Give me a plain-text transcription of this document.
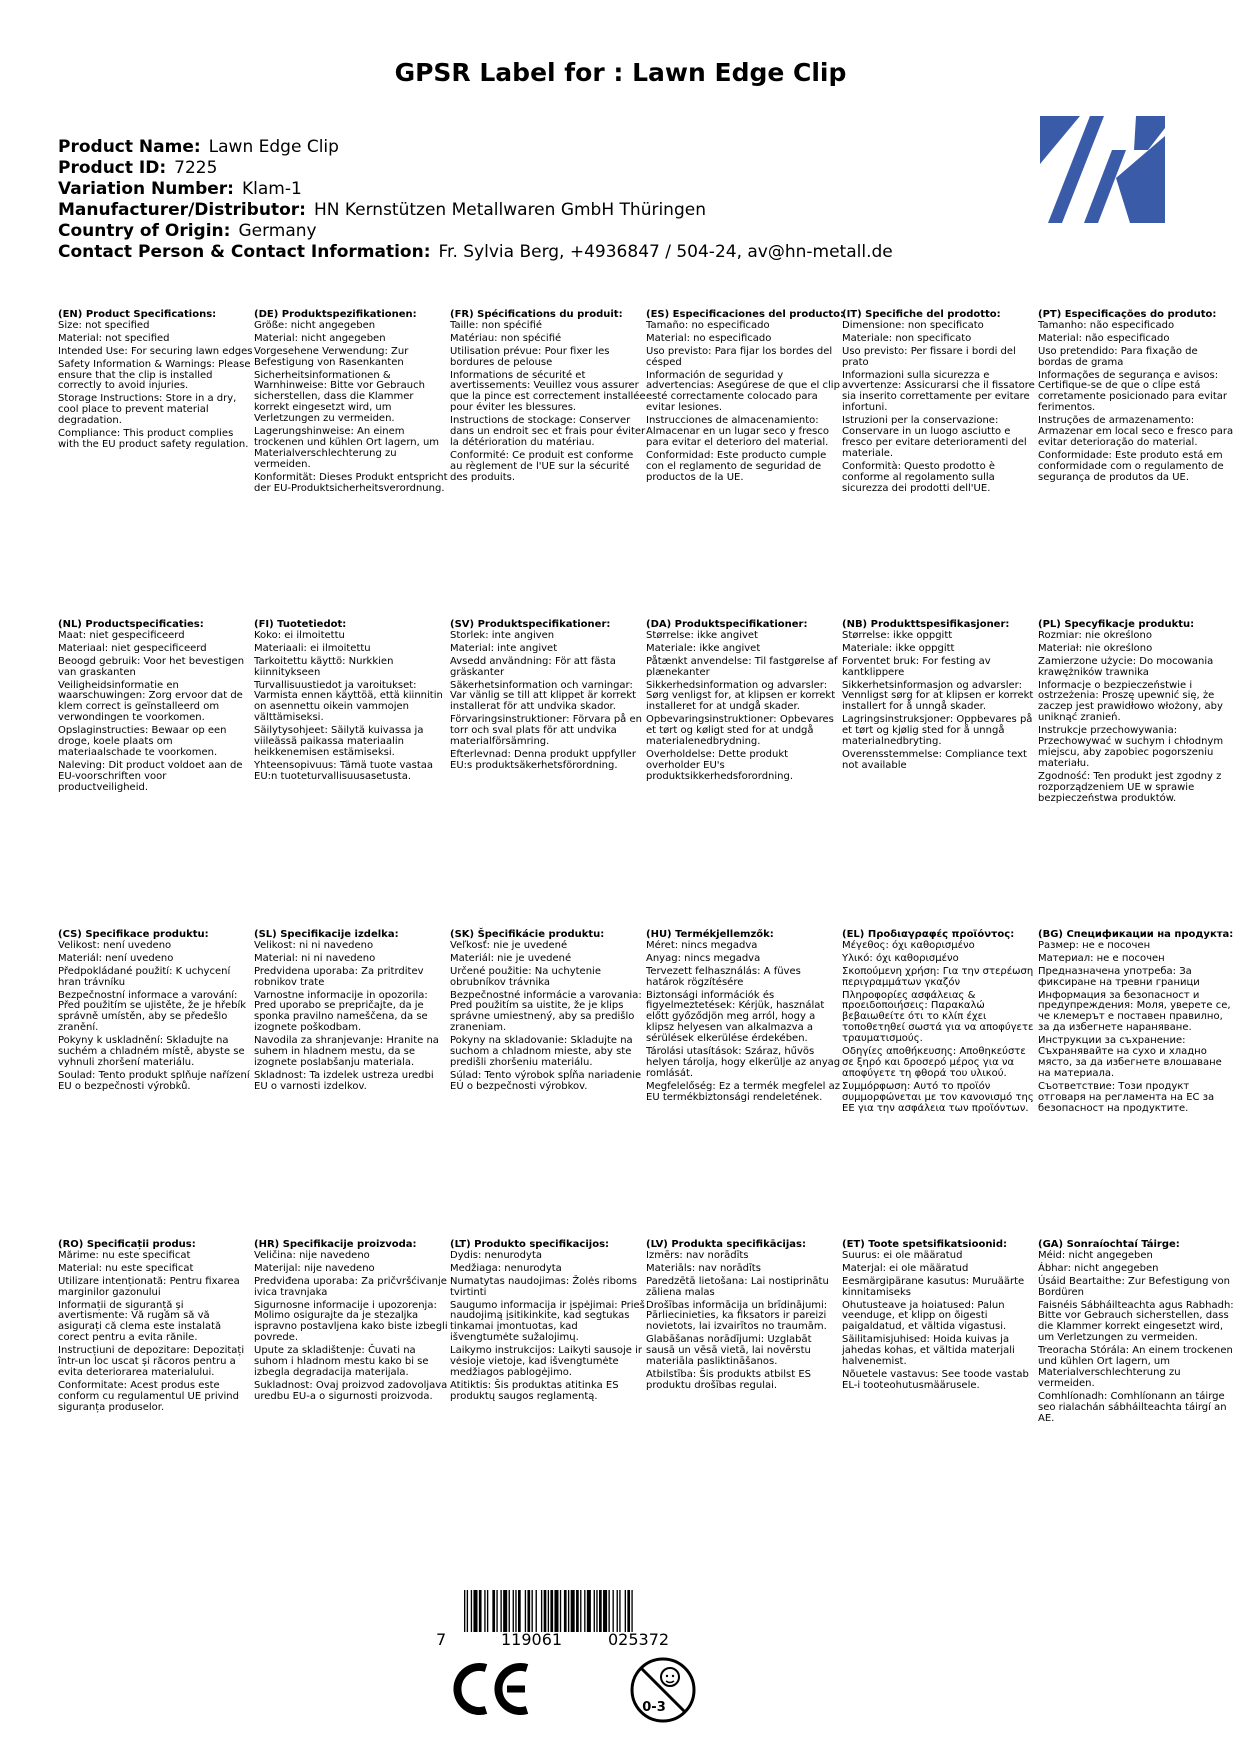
GPSR Label for : Lawn Edge Clip
Product Name: Lawn Edge Clip
Product ID: 7225
Variation Number: Klam-1
Manufacturer/Distributor: HN Kernstützen Metallwaren GmbH Thüringen
Country of Origin: Germany
Contact Person & Contact Information: Fr. Sylvia Berg, +4936847 / 504-24, av@hn-metall.de
(EN) Product Specifications:

Size: not specified

Material: not specified

Intended Use: For securing lawn edges

Safety Information & Warnings: Please ensure that the clip is installed correctly to avoid injuries.

Storage Instructions: Store in a dry, cool place to prevent material degradation.

Compliance: This product complies with the EU product safety regulation.

(DE) Produktspezifikationen:

Größe: nicht angegeben

Material: nicht angegeben

Vorgesehene Verwendung: Zur Befestigung von Rasenkanten

Sicherheitsinformationen & Warnhinweise: Bitte vor Gebrauch sicherstellen, dass die Klammer korrekt eingesetzt wird, um Verletzungen zu vermeiden.

Lagerungshinweise: An einem trockenen und kühlen Ort lagern, um Materialverschlechterung zu vermeiden.

Konformität: Dieses Produkt entspricht der EU-Produktsicherheitsverordnung.

(FR) Spécifications du produit:

Taille: non spécifié

Matériau: non spécifié

Utilisation prévue: Pour fixer les bordures de pelouse

Informations de sécurité et avertissements: Veuillez vous assurer que la pince est correctement installée pour éviter les blessures.

Instructions de stockage: Conserver dans un endroit sec et frais pour éviter la détérioration du matériau.

Conformité: Ce produit est conforme au règlement de l'UE sur la sécurité des produits.

(ES) Especificaciones del producto:

Tamaño: no especificado

Material: no especificado

Uso previsto: Para fijar los bordes del césped

Información de seguridad y advertencias: Asegúrese de que el clip esté correctamente colocado para evitar lesiones.

Instrucciones de almacenamiento: Almacenar en un lugar seco y fresco para evitar el deterioro del material.

Conformidad: Este producto cumple con el reglamento de seguridad de productos de la UE.

(IT) Specifiche del prodotto:

Dimensione: non specificato

Materiale: non specificato

Uso previsto: Per fissare i bordi del prato

Informazioni sulla sicurezza e avvertenze: Assicurarsi che il fissatore sia inserito correttamente per evitare infortuni.

Istruzioni per la conservazione: Conservare in un luogo asciutto e fresco per evitare deterioramenti del materiale.

Conformità: Questo prodotto è conforme al regolamento sulla sicurezza dei prodotti dell'UE.

(PT) Especificações do produto:

Tamanho: não especificado

Material: não especificado

Uso pretendido: Para fixação de bordas de grama

Informações de segurança e avisos: Certifique-se de que o clipe está corretamente posicionado para evitar ferimentos.

Instruções de armazenamento: Armazenar em local seco e fresco para evitar deterioração do material.

Conformidade: Este produto está em conformidade com o regulamento de segurança de produtos da UE.

(NL) Productspecificaties:

Maat: niet gespecificeerd

Materiaal: niet gespecificeerd

Beoogd gebruik: Voor het bevestigen van graskanten

Veiligheidsinformatie en waarschuwingen: Zorg ervoor dat de klem correct is geïnstalleerd om verwondingen te voorkomen.

Opslaginstructies: Bewaar op een droge, koele plaats om materiaalschade te voorkomen.

Naleving: Dit product voldoet aan de EU-voorschriften voor productveiligheid.

(FI) Tuotetiedot:

Koko: ei ilmoitettu

Materiaali: ei ilmoitettu

Tarkoitettu käyttö: Nurkkien kiinnitykseen

Turvallisuustiedot ja varoitukset: Varmista ennen käyttöä, että kiinnitin on asennettu oikein vammojen välttämiseksi.

Säilytysohjeet: Säilytä kuivassa ja viileässä paikassa materiaalin heikkenemisen estämiseksi.

Yhteensopivuus: Tämä tuote vastaa EU:n tuoteturvallisuusasetusta.

(SV) Produktspecifikationer:

Storlek: inte angiven

Material: inte angivet

Avsedd användning: För att fästa gräskanter

Säkerhetsinformation och varningar: Var vänlig se till att klippet är korrekt installerat för att undvika skador.

Förvaringsinstruktioner: Förvara på en torr och sval plats för att undvika materialförsämring.

Efterlevnad: Denna produkt uppfyller EU:s produktsäkerhetsförordning.

(DA) Produktspecifikationer:

Størrelse: ikke angivet

Materiale: ikke angivet

Påtænkt anvendelse: Til fastgørelse af plænekanter

Sikkerhedsinformation og advarsler: Sørg venligst for, at klipsen er korrekt installeret for at undgå skader.

Opbevaringsinstruktioner: Opbevares et tørt og køligt sted for at undgå materialenedbrydning.

Overholdelse: Dette produkt overholder EU's produktsikkerhedsforordning.

(NB) Produkttspesifikasjoner:

Størrelse: ikke oppgitt

Materiale: ikke oppgitt

Forventet bruk: For festing av kantklippere

Sikkerhetsinformasjon og advarsler: Vennligst sørg for at klipsen er korrekt installert for å unngå skader.

Lagringsinstruksjoner: Oppbevares på et tørt og kjølig sted for å unngå materialnedbryting.

Overensstemmelse: Compliance text not available

(PL) Specyfikacje produktu:

Rozmiar: nie określono

Materiał: nie określono

Zamierzone użycie: Do mocowania krawężników trawnika

Informacje o bezpieczeństwie i ostrzeżenia: Proszę upewnić się, że zaczep jest prawidłowo włożony, aby uniknąć zranień.

Instrukcje przechowywania: Przechowywać w suchym i chłodnym miejscu, aby zapobiec pogorszeniu materiału.

Zgodność: Ten produkt jest zgodny z rozporządzeniem UE w sprawie bezpieczeństwa produktów.

(CS) Specifikace produktu:

Velikost: není uvedeno

Materiál: není uvedeno

Předpokládané použití: K uchycení hran trávníku

Bezpečnostní informace a varování: Před použitím se ujistěte, že je hřebík správně umístěn, aby se předešlo zranění.

Pokyny k uskladnění: Skladujte na suchém a chladném místě, abyste se vyhnuli zhoršení materiálu.

Soulad: Tento produkt splňuje nařízení EU o bezpečnosti výrobků.

(SL) Specifikacije izdelka:

Velikost: ni ni navedeno

Material: ni ni navedeno

Predvidena uporaba: Za pritrditev robnikov trate

Varnostne informacije in opozorila: Pred uporabo se prepričajte, da je sponka pravilno nameščena, da se izognete poškodbam.

Navodila za shranjevanje: Hranite na suhem in hladnem mestu, da se izognete poslabšanju materiala.

Skladnost: Ta izdelek ustreza uredbi EU o varnosti izdelkov.

(SK) Špecifikácie produktu:

Veľkosť: nie je uvedené

Materiál: nie je uvedené

Určené použitie: Na uchytenie obrubníkov trávnika

Bezpečnostné informácie a varovania: Pred použitím sa uistite, že je klips správne umiestnený, aby sa predišlo zraneniam.

Pokyny na skladovanie: Skladujte na suchom a chladnom mieste, aby ste predišli zhoršeniu materiálu.

Súlad: Tento výrobok spĺňa nariadenie EÚ o bezpečnosti výrobkov.

(HU) Termékjellemzők:

Méret: nincs megadva

Anyag: nincs megadva

Tervezett felhasználás: A füves határok rögzítésére

Biztonsági információk és figyelmeztetések: Kérjük, használat előtt győződjön meg arról, hogy a klipsz helyesen van alkalmazva a sérülések elkerülése érdekében.

Tárolási utasítások: Száraz, hűvös helyen tárolja, hogy elkerülje az anyag romlását.

Megfelelőség: Ez a termék megfelel az EU termékbiztonsági rendeletének.

(EL) Προδιαγραφές προϊόντος:

Μέγεθος: όχι καθορισμένο

Υλικό: όχι καθορισμένο

Σκοπούμενη χρήση: Για την στερέωση περιγραμμάτων γκαζόν

Πληροφορίες ασφάλειας & προειδοποιήσεις: Παρακαλώ βεβαιωθείτε ότι το κλίπ έχει τοποθετηθεί σωστά για να αποφύγετε τραυματισμούς.

Οδηγίες αποθήκευσης: Αποθηκεύστε σε ξηρό και δροσερό μέρος για να αποφύγετε τη φθορά του υλικού.

Συμμόρφωση: Αυτό το προϊόν συμμορφώνεται με τον κανονισμό της ΕΕ για την ασφάλεια των προϊόντων.

(BG) Спецификации на продукта:

Размер: не е посочен

Материал: не е посочен

Предназначена употреба: За фиксиране на тревни граници

Информация за безопасност и предупреждения: Моля, уверете се, че клемерът е поставен правилно, за да избегнете нараняване.

Инструкции за съхранение: Съхранявайте на сухо и хладно място, за да избегнете влошаване на материала.

Съответствие: Този продукт отговаря на регламента на ЕС за безопасност на продуктите.

(RO) Specificații produs:

Mărime: nu este specificat

Material: nu este specificat

Utilizare intenționată: Pentru fixarea marginilor gazonului

Informații de siguranță și avertismente: Vă rugăm să vă asigurați că clema este instalată corect pentru a evita rănile.

Instrucțiuni de depozitare: Depozitați într-un loc uscat și răcoros pentru a evita deteriorarea materialului.

Conformitate: Acest produs este conform cu regulamentul UE privind siguranța produselor.

(HR) Specifikacije proizvoda:

Veličina: nije navedeno

Materijal: nije navedeno

Predviđena uporaba: Za pričvršćivanje ivica travnjaka

Sigurnosne informacije i upozorenja: Molimo osigurajte da je stezaljka ispravno postavljena kako biste izbegli povrede.

Upute za skladištenje: Čuvati na suhom i hladnom mestu kako bi se izbegla degradacija materijala.

Sukladnost: Ovaj proizvod zadovoljava uredbu EU-a o sigurnosti proizvoda.

(LT) Produkto specifikacijos:

Dydis: nenurodyta

Medžiaga: nenurodyta

Numatytas naudojimas: Žolės ribоms tvirtinti

Saugumo informacija ir įspėjimai: Prieš naudojimą įsitikinkite, kad segtukas tinkamai įmontuotas, kad išvengtumėte sužalojimų.

Laikymo instrukcijos: Laikyti sausoje ir vėsioje vietoje, kad išvengtumėte medžiagos pablogėjimo.

Atitiktis: Šis produktas atitinka ES produktų saugos reglamentą.

(LV) Produkta specifikācijas:

Izmērs: nav norādīts

Materiāls: nav norādīts

Paredzētā lietošana: Lai nostiprinātu zāliena malas

Drošības informācija un brīdinājumi: Pārliecinieties, ka fiksators ir pareizi novietots, lai izvairītos no traumām.

Glabāšanas norādījumi: Uzglabāt sausā un vēsā vietā, lai novērstu materiāla pasliktināšanos.

Atbilstība: Šis produkts atbilst ES produktu drošības regulai.

(ET) Toote spetsifikatsioonid:

Suurus: ei ole määratud

Materjal: ei ole määratud

Eesmärgipärane kasutus: Muruäärte kinnitamiseks

Ohutusteave ja hoiatused: Palun veenduge, et klipp on õigesti paigaldatud, et vältida vigastusi.

Säilitamisjuhised: Hoida kuivas ja jahedas kohas, et vältida materjali halvenemist.

Nõuetele vastavus: See toode vastab EL-i tooteohutusmäärusele.

(GA) Sonraíochtaí Táirge:

Méid: nicht angegeben

Ábhar: nicht angegeben

Úsáid Beartaithe: Zur Befestigung von Bordüren

Faisnéis Sábháilteachta agus Rabhadh: Bitte vor Gebrauch sicherstellen, dass die Klammer korrekt eingesetzt wird, um Verletzungen zu vermeiden.

Treoracha Stórála: An einem trockenen und kühlen Ort lagern, um Materialverschlechterung zu vermeiden.

Comhlíonadh: Comhlíonann an táirge seo rialachán sábháilteachta táirgí an AE.

7	119061	025372
0-3
